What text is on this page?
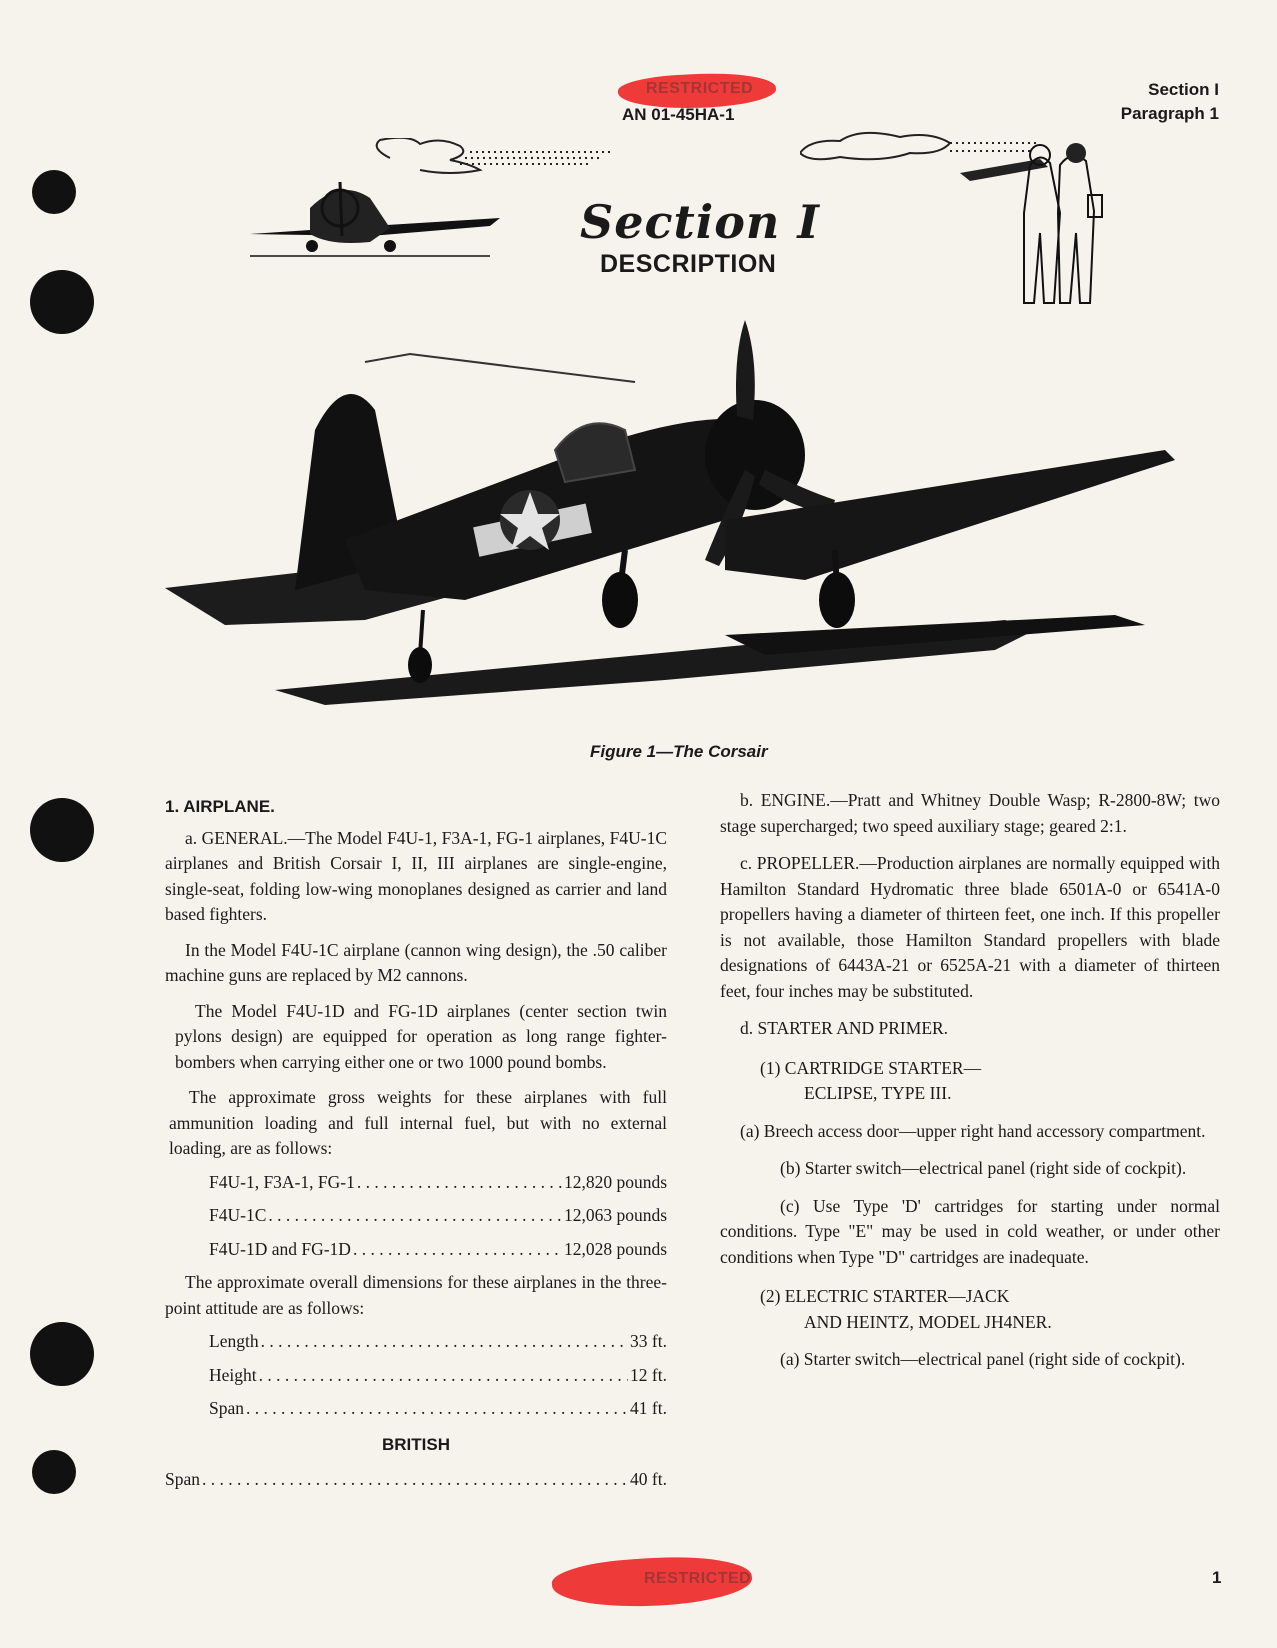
RESTRICTED
AN 01-45HA-1
Section I
Paragraph 1
Section I
DESCRIPTION
Figure 1—The Corsair

1. AIRPLANE.

a. GENERAL.—The Model F4U-1, F3A-1, FG-1 airplanes, F4U-1C airplanes and British Corsair I, II, III airplanes are single-engine, single-seat, folding low-wing monoplanes designed as carrier and land based fighters.

In the Model F4U-1C airplane (cannon wing design), the .50 caliber machine guns are replaced by M2 cannons.

The Model F4U-1D and FG-1D airplanes (center section twin pylons design) are equipped for operation as long range fighter-bombers when carrying either one or two 1000 pound bombs.

The approximate gross weights for these airplanes with full ammunition loading and full internal fuel, but with no external loading, are as follows:

F4U-1, F3A-1, FG-1 . . .	12,820 pounds
F4U-1C . . .	12,063 pounds
F4U-1D and FG-1D . . .	12,028 pounds

The approximate overall dimensions for these airplanes in the three-point attitude are as follows:

Length . . .	33 ft.
Height . . .	12 ft.
Span . . .	41 ft.

BRITISH

Span . . .	40 ft.

b. ENGINE.—Pratt and Whitney Double Wasp; R-2800-8W; two stage supercharged; two speed auxiliary stage; geared 2:1.

c. PROPELLER.—Production airplanes are normally equipped with Hamilton Standard Hydromatic three blade 6501A-0 or 6541A-0 propellers having a diameter of thirteen feet, one inch. If this propeller is not available, those Hamilton Standard propellers with blade designations of 6443A-21 or 6525A-21 with a diameter of thirteen feet, four inches may be substituted.

d. STARTER AND PRIMER.

(1) CARTRIDGE STARTER—

ECLIPSE, TYPE III.

(a) Breech access door—upper right hand accessory compartment.

(b) Starter switch—electrical panel (right side of cockpit).

(c) Use Type 'D' cartridges for starting under normal conditions. Type "E" may be used in cold weather, or under other conditions when Type "D" cartridges are inadequate.

(2) ELECTRIC STARTER—JACK

AND HEINTZ, MODEL JH4NER.

(a) Starter switch—electrical panel (right side of cockpit).

RESTRICTED	1
